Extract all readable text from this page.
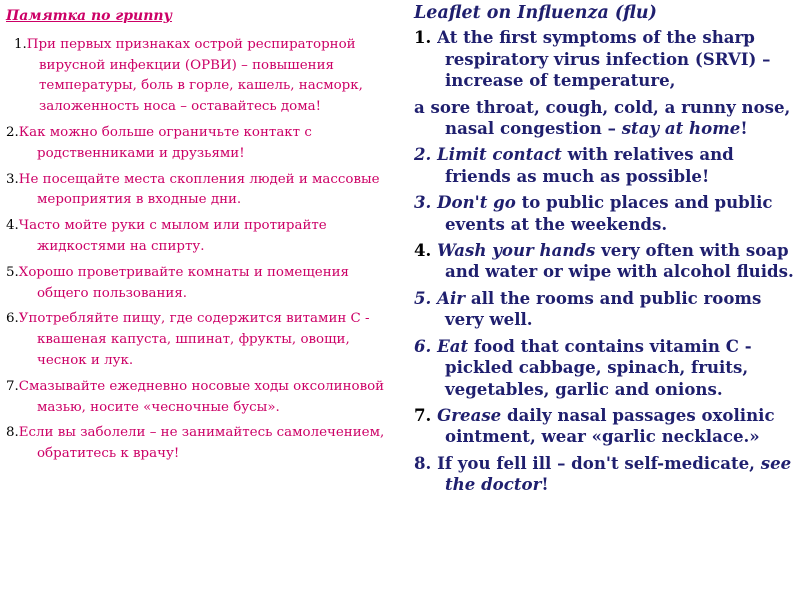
Памятка по гриппу
1.При первых признаках острой респираторной вирусной инфекции (ОРВИ) – повышения температуры, боль в горле, кашель, насморк, заложенность носа – оставайтесь дома!
2.Как можно больше ограничьте контакт с родственниками и друзьями!
3.Не посещайте места скопления людей и массовые мероприятия в входные дни.
4.Часто мойте руки с мылом или протирайте жидкостями на спирту.
5.Хорошо проветривайте комнаты и помещения общего пользования.
6.Употребляйте пищу, где содержится витамин С - квашеная капуста, шпинат, фрукты, овощи, чеснок и лук.
7.Смазывайте ежедневно носовые ходы оксолиновой мазью, носите «чесночные бусы».
8.Если вы заболели – не занимайтесь самолечением, обратитесь к врачу!
Leaflet on Influenza (flu)
1. At the first symptoms of the sharp respiratory virus infection (SRVI) – increase of temperature,
a sore throat, cough, cold, a runny nose, nasal congestion – stay at home!
2. Limit contact with relatives and friends as much as possible!
3. Don't go to public places and public events at the weekends.
4. Wash your hands very often with soap and water or wipe with alcohol fluids.
5. Air all the rooms and public rooms very well.
6. Eat food that contains vitamin C - pickled cabbage, spinach, fruits, vegetables, garlic and onions.
7. Grease daily nasal passages oxolinic ointment, wear «garlic necklace.»
8. If you fell ill – don't self-medicate, see the doctor!
